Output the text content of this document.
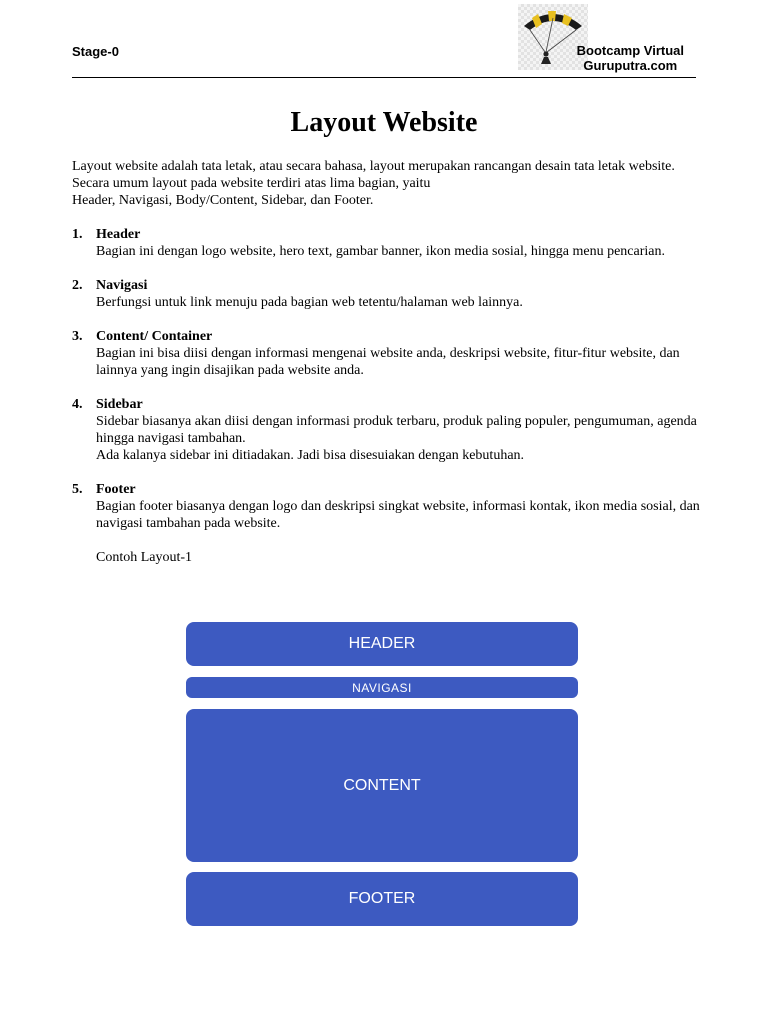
Stage-0	Bootcamp Virtual
Guruputra.com
Layout Website

Layout website adalah tata letak, atau secara bahasa, layout merupakan rancangan desain tata letak website.

Secara umum layout pada website terdiri atas lima bagian, yaitu

Header, Navigasi, Body/Content, Sidebar, dan Footer.

1. Header

Bagian ini dengan logo website, hero text, gambar banner, ikon media sosial, hingga menu pencarian.

2. Navigasi

Berfungsi untuk link menuju pada bagian web tetentu/halaman web lainnya.

3. Content/ Container

Bagian ini bisa diisi dengan informasi mengenai website anda, deskripsi website, fitur-fitur website, dan lainnya yang ingin disajikan pada website anda.

4. Sidebar

Sidebar biasanya akan diisi dengan informasi produk terbaru, produk paling populer, pengumuman, agenda hingga navigasi tambahan.

Ada kalanya sidebar ini ditiadakan. Jadi bisa disesuiakan dengan kebutuhan.

5. Footer

Bagian footer biasanya dengan logo dan deskripsi singkat website, informasi kontak, ikon media sosial, dan navigasi tambahan pada website.

Contoh Layout-1

HEADER
NAVIGASI
CONTENT
FOOTER
